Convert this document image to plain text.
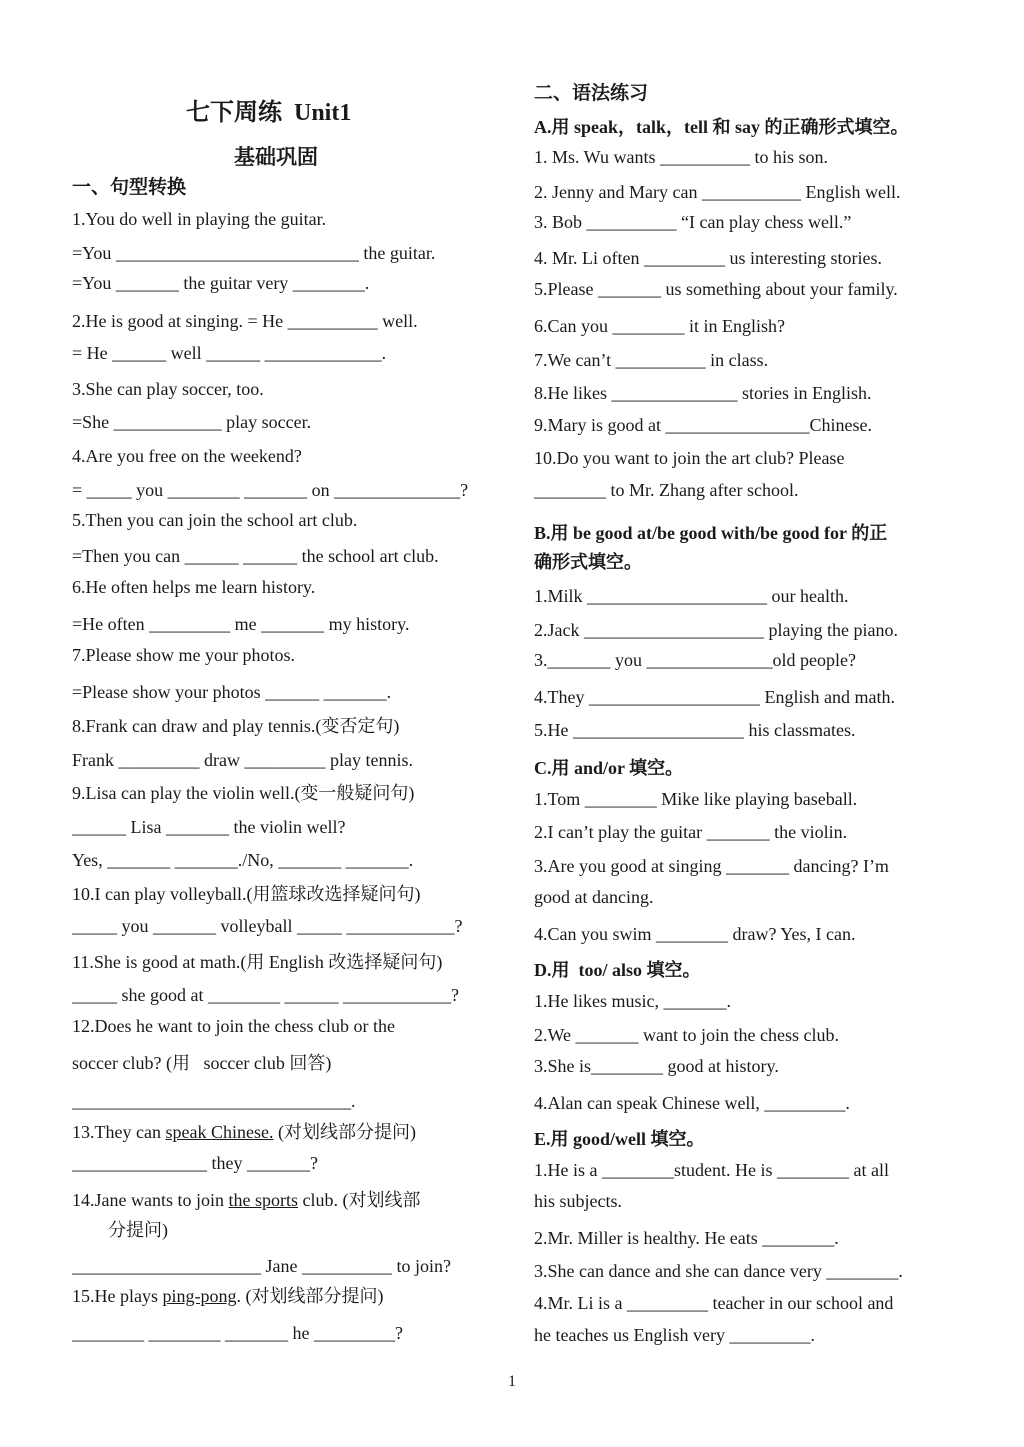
七下周练  Unit1
基础巩固
一、句型转换
1.You do well in playing the guitar.
=You ___________________________ the guitar.
=You _______ the guitar very ________.
2.He is good at singing. = He __________ well.
= He ______ well ______ _____________.
3.She can play soccer, too.
=She ____________ play soccer.
4.Are you free on the weekend?
= _____ you ________ _______ on ______________?
5.Then you can join the school art club.
=Then you can ______ ______ the school art club.
6.He often helps me learn history.
=He often _________ me _______ my history.
7.Please show me your photos.
=Please show your photos ______ _______.
8.Frank can draw and play tennis.(变否定句)
Frank _________ draw _________ play tennis.
9.Lisa can play the violin well.(变一般疑问句)
______ Lisa _______ the violin well?
Yes, _______ _______./No, _______ _______.
10.I can play volleyball.(用篮球改选择疑问句)
_____ you _______ volleyball _____ ____________?
11.She is good at math.(用 English 改选择疑问句)
_____ she good at ________ ______ ____________?
12.Does he want to join the chess club or the
soccer club? (用   soccer club 回答)
_______________________________.
13.They can speak Chinese. (对划线部分提问)
_______________ they _______?
14.Jane wants to join the sports club. (对划线部
分提问)
_____________________ Jane __________ to join?
15.He plays ping-pong. (对划线部分提问)
________ ________ _______ he _________?
二、语法练习
A.用 speak，talk，tell 和 say 的正确形式填空。
1. Ms. Wu wants __________ to his son.
2. Jenny and Mary can ___________ English well.
3. Bob __________ “I can play chess well.”
4. Mr. Li often _________ us interesting stories.
5.Please _______ us something about your family.
6.Can you ________ it in English?
7.We can’t __________ in class.
8.He likes ______________ stories in English.
9.Mary is good at ________________Chinese.
10.Do you want to join the art club? Please
________ to Mr. Zhang after school.
B.用 be good at/be good with/be good for 的正
确形式填空。
1.Milk ____________________ our health.
2.Jack ____________________ playing the piano.
3._______ you ______________old people?
4.They ___________________ English and math.
5.He ___________________ his classmates.
C.用 and/or 填空。
1.Tom ________ Mike like playing baseball.
2.I can’t play the guitar _______ the violin.
3.Are you good at singing _______ dancing? I’m
good at dancing.
4.Can you swim ________ draw? Yes, I can.
D.用  too/ also 填空。
1.He likes music, _______.
2.We _______ want to join the chess club.
3.She is________ good at history.
4.Alan can speak Chinese well, _________.
E.用 good/well 填空。
1.He is a ________student. He is ________ at all
his subjects.
2.Mr. Miller is healthy. He eats ________.
3.She can dance and she can dance very ________.
4.Mr. Li is a _________ teacher in our school and
he teaches us English very _________.
1
